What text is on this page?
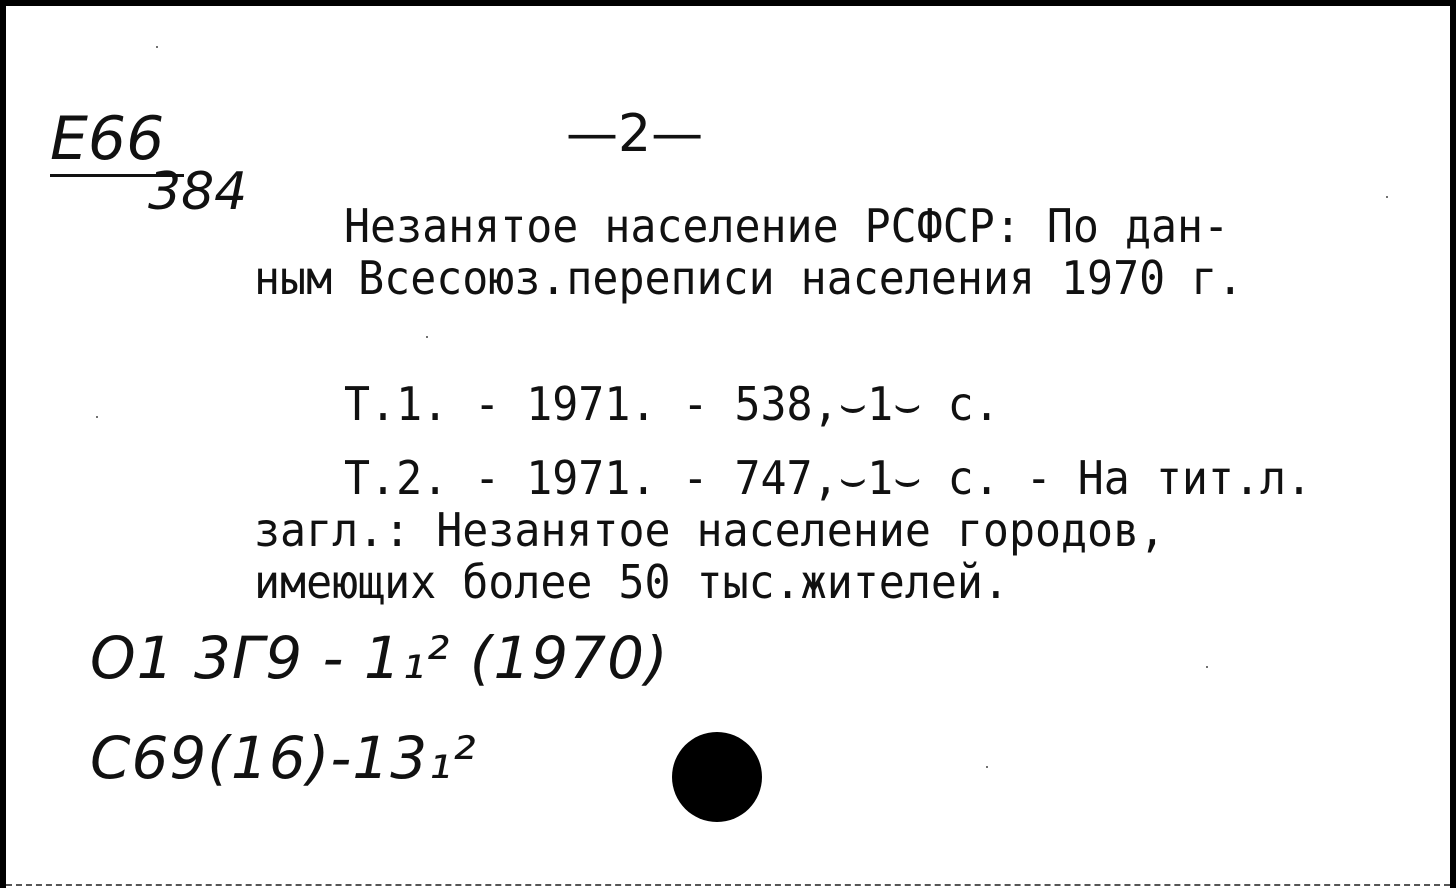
Е66
384
—2—
Незанятое население РСФСР: По дан-
ным Всесоюз.переписи населения 1970 г.
Т.1. - 1971. - 538,⌣1⌣ с.
Т.2. - 1971. - 747,⌣1⌣ с. - На тит.л.
загл.: Незанятое население городов,
имеющих более 50 тыс.жителей.
О1 3Г9 - 1₁² (1970)
С69(16)-13₁²
